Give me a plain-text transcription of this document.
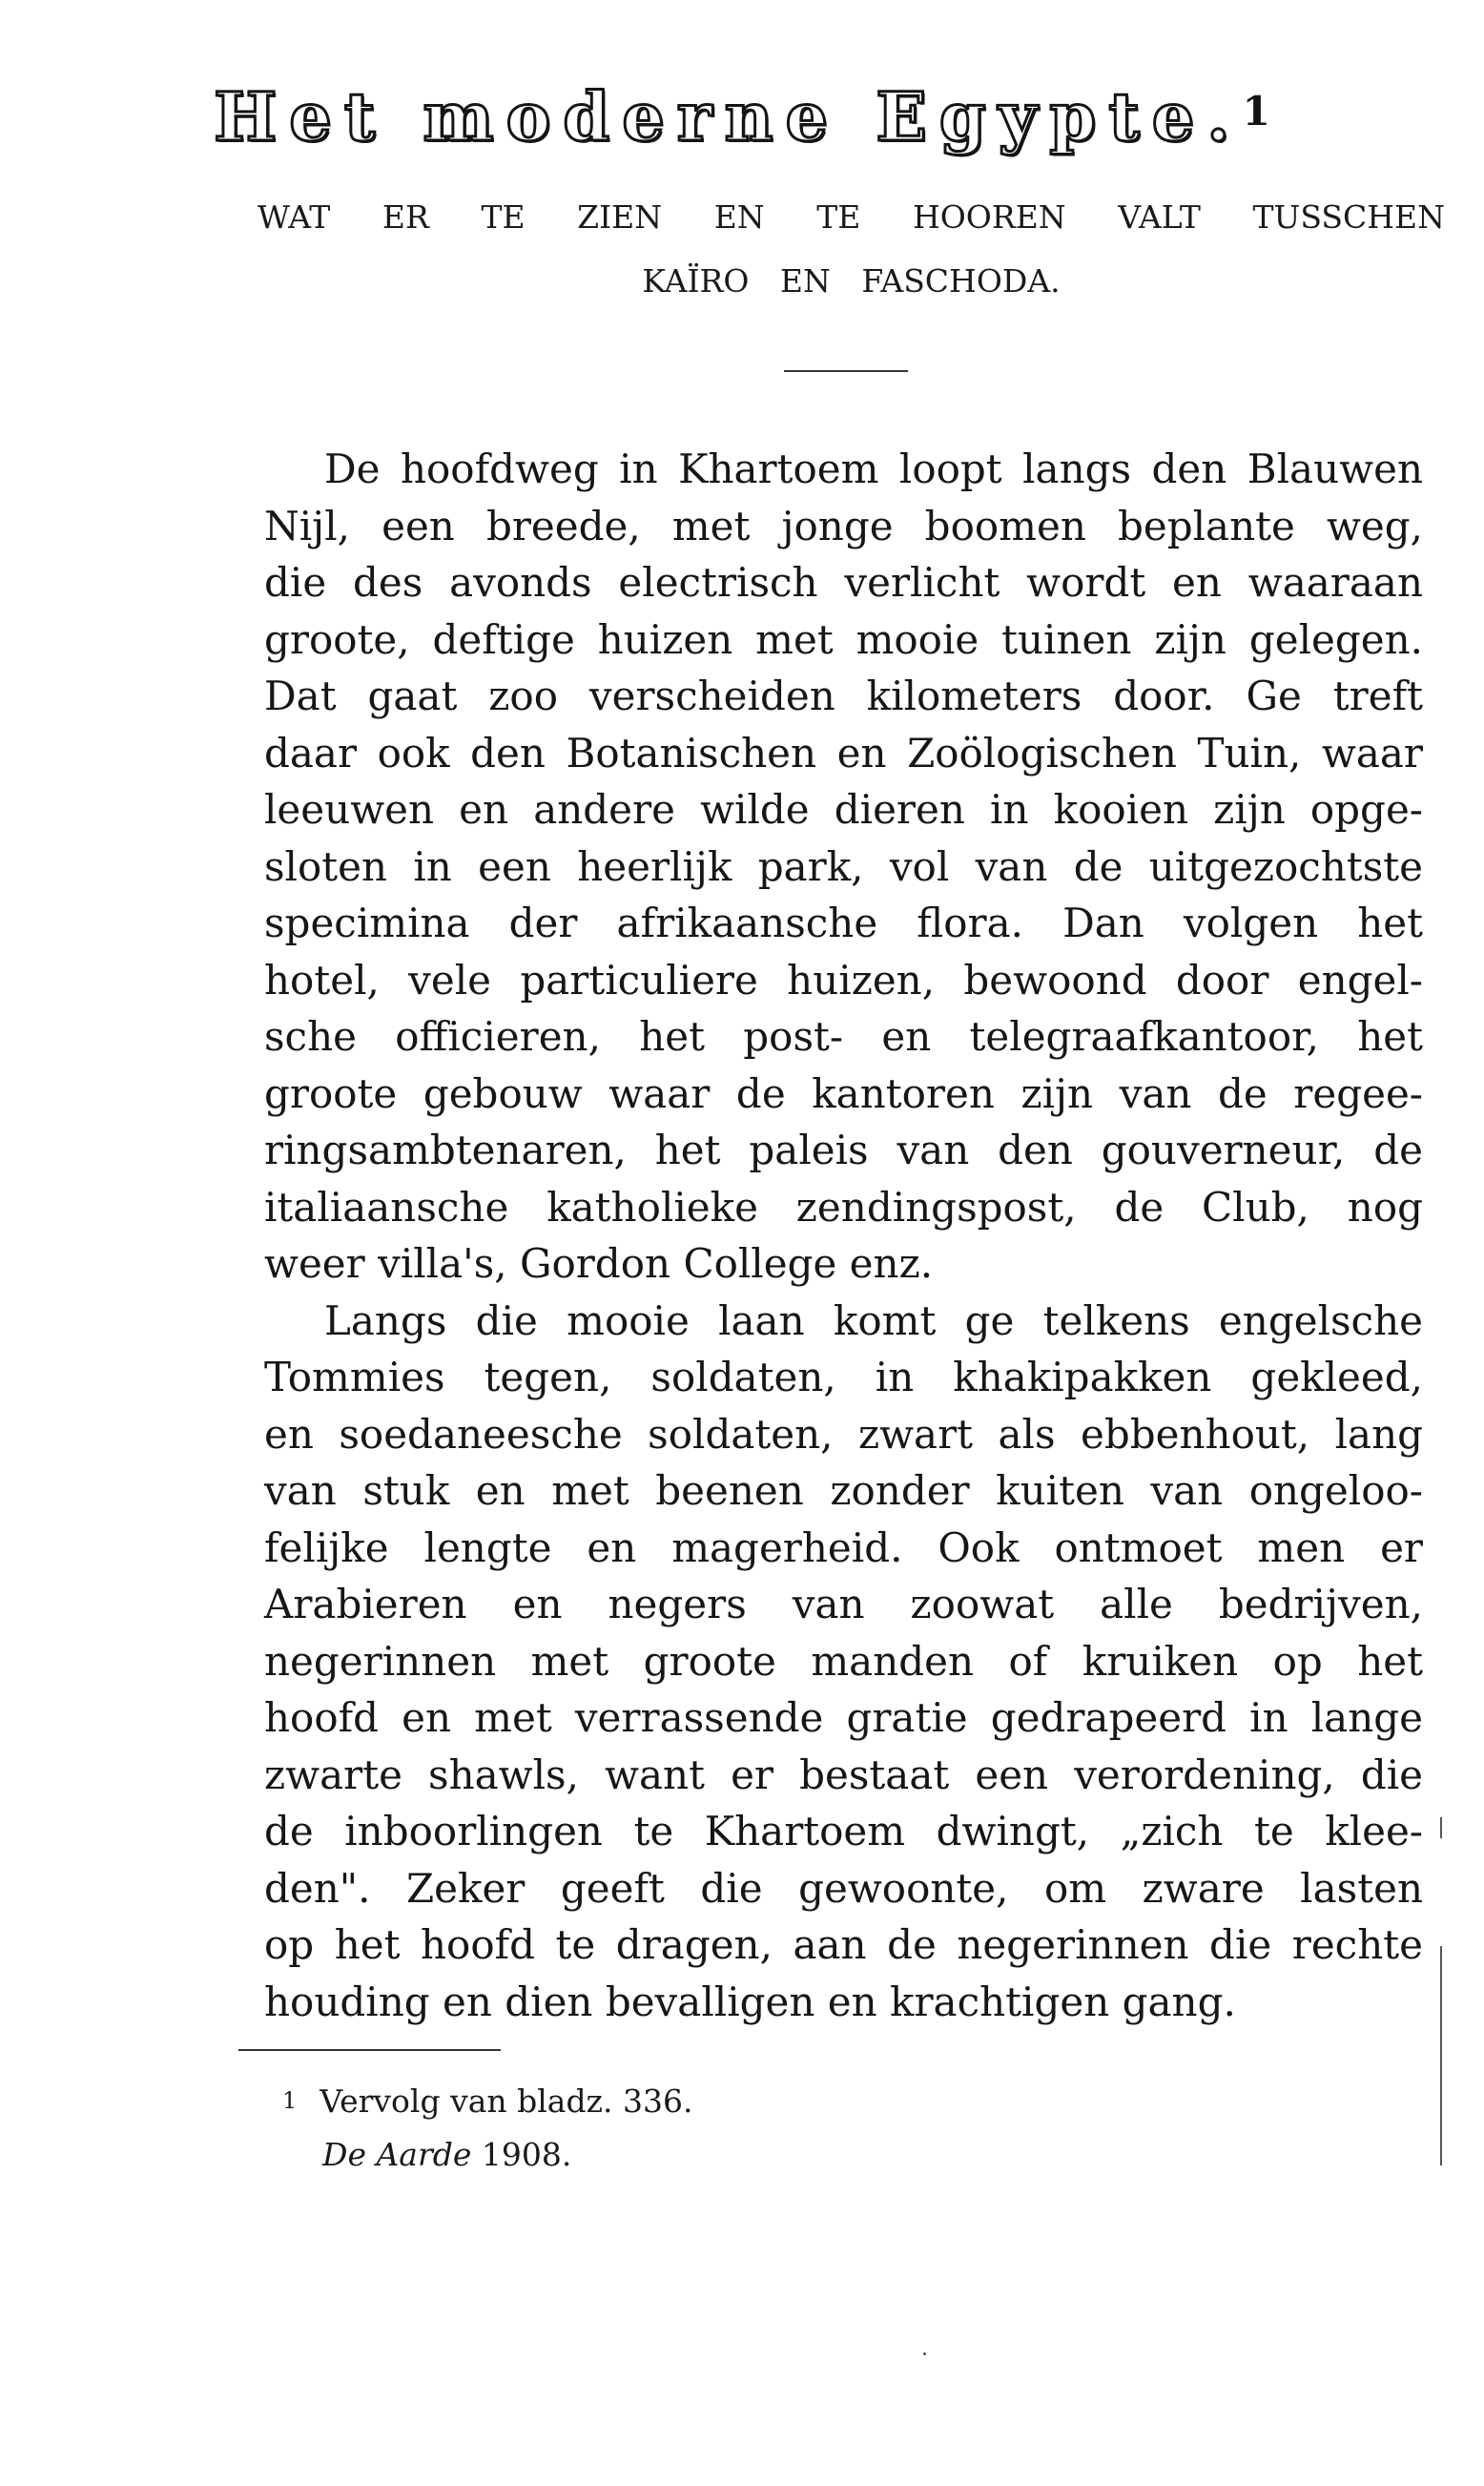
Het moderne Egypte.$^1$
WAT ER TE ZIEN EN TE HOOREN VALT TUSSCHEN
KAÏRO EN FASCHODA.
De hoofdweg in Khartoem loopt langs den Blauwen
Nijl, een breede, met jonge boomen beplante weg,
die des avonds electrisch verlicht wordt en waaraan
groote, deftige huizen met mooie tuinen zijn gelegen.
Dat gaat zoo verscheiden kilometers door. Ge treft
daar ook den Botanischen en Zoölogischen Tuin, waar
leeuwen en andere wilde dieren in kooien zijn opge-
sloten in een heerlijk park, vol van de uitgezochtste
specimina der afrikaansche flora. Dan volgen het
hotel, vele particuliere huizen, bewoond door engel-
sche officieren, het post- en telegraafkantoor, het
groote gebouw waar de kantoren zijn van de regee-
ringsambtenaren, het paleis van den gouverneur, de
italiaansche katholieke zendingspost, de Club, nog
weer villa's, Gordon College enz.
Langs die mooie laan komt ge telkens engelsche
Tommies tegen, soldaten, in khakipakken gekleed,
en soedaneesche soldaten, zwart als ebbenhout, lang
van stuk en met beenen zonder kuiten van ongeloo-
felijke lengte en magerheid. Ook ontmoet men er
Arabieren en negers van zoowat alle bedrijven,
negerinnen met groote manden of kruiken op het
hoofd en met verrassende gratie gedrapeerd in lange
zwarte shawls, want er bestaat een verordening, die
de inboorlingen te Khartoem dwingt, „zich te klee-
den". Zeker geeft die gewoonte, om zware lasten
op het hoofd te dragen, aan de negerinnen die rechte
houding en dien bevalligen en krachtigen gang.
$^1$ Vervolg van bladz. 336.
De Aarde 1908.
